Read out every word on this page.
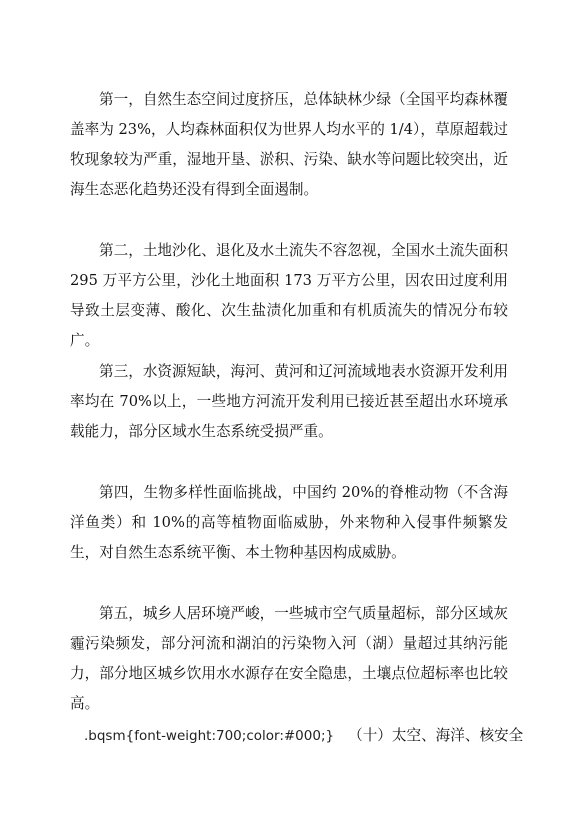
第一，自然生态空间过度挤压，总体缺林少绿（全国平均森林覆盖率为 23%，人均森林面积仅为世界人均水平的 1/4），草原超载过牧现象较为严重，湿地开垦、淤积、污染、缺水等问题比较突出，近海生态恶化趋势还没有得到全面遏制。

第二，土地沙化、退化及水土流失不容忽视，全国水土流失面积 295 万平方公里，沙化土地面积 173 万平方公里，因农田过度利用导致土层变薄、酸化、次生盐渍化加重和有机质流失的情况分布较广。

第三，水资源短缺，海河、黄河和辽河流域地表水资源开发利用率均在 70%以上，一些地方河流开发利用已接近甚至超出水环境承载能力，部分区域水生态系统受损严重。

第四，生物多样性面临挑战，中国约 20%的脊椎动物（不含海洋鱼类）和 10%的高等植物面临威胁，外来物种入侵事件频繁发生，对自然生态系统平衡、本土物种基因构成威胁。

第五，城乡人居环境严峻，一些城市空气质量超标，部分区域灰霾污染频发，部分河流和湖泊的污染物入河（湖）量超过其纳污能力，部分地区城乡饮用水水源存在安全隐患，土壤点位超标率也比较高。

.bqsm{font-weight:700;color:#000;} （十）太空、海洋、核安全
